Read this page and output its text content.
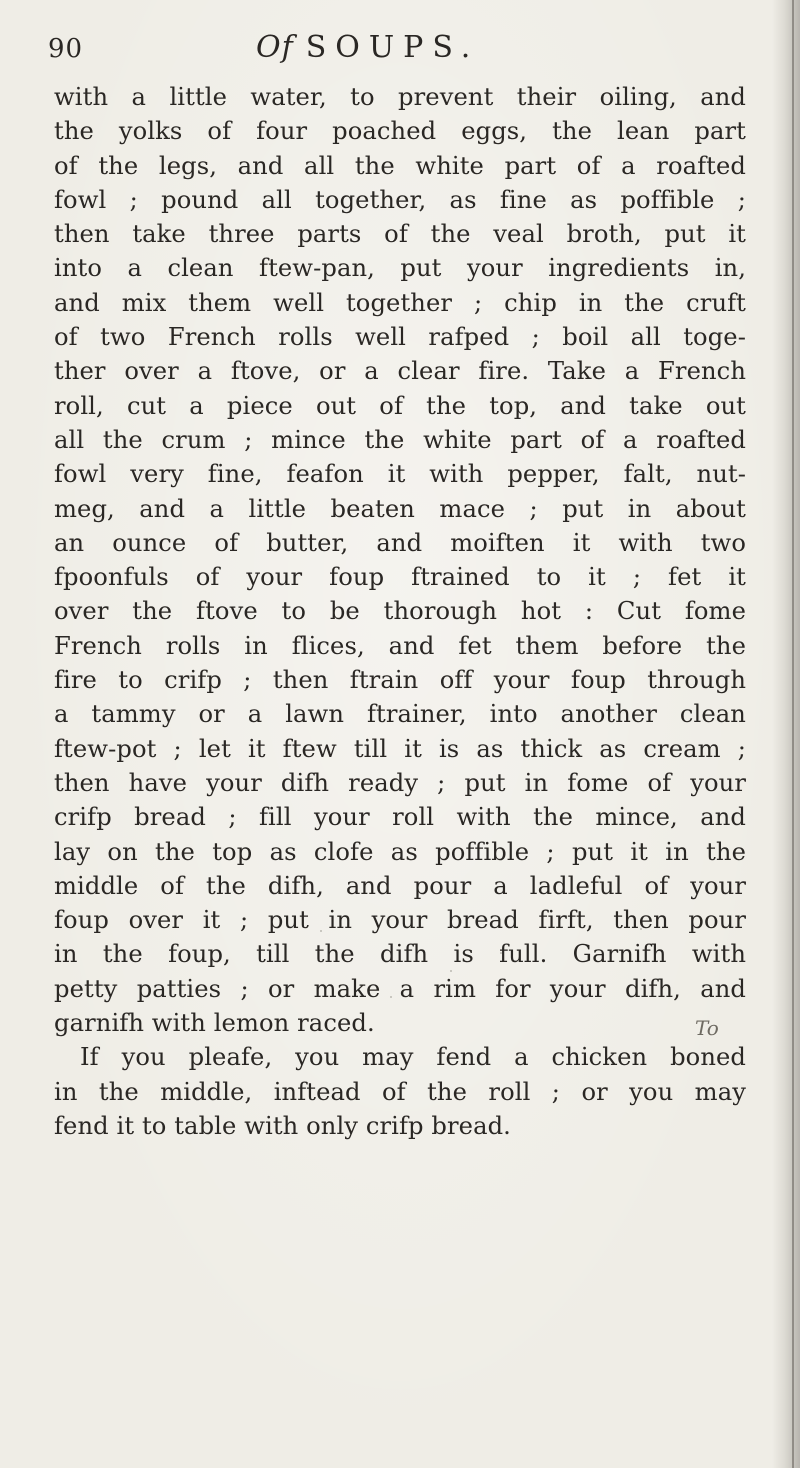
90	Of SOUPS.
with a little water, to prevent their oiling, and
the yolks of four poached eggs, the lean part
of the legs, and all the white part of a roafted
fowl ; pound all together, as fine as poffible ;
then take three parts of the veal broth, put it
into a clean ftew-pan, put your ingredients in,
and mix them well together ; chip in the cruft
of two French rolls well rafped ; boil all toge-
ther over a ftove, or a clear fire. Take a French
roll, cut a piece out of the top, and take out
all the crum ; mince the white part of a roafted
fowl very fine, feafon it with pepper, falt, nut-
meg, and a little beaten mace ; put in about
an ounce of butter, and moiften it with two
fpoonfuls of your foup ftrained to it ; fet it
over the ftove to be thorough hot : Cut fome
French rolls in flices, and fet them before the
fire to crifp ; then ftrain off your foup through
a tammy or a lawn ftrainer, into another clean
ftew-pot ; let it ftew till it is as thick as cream ;
then have your difh ready ; put in fome of your
crifp bread ; fill your roll with the mince, and
lay on the top as clofe as poffible ; put it in the
middle of the difh, and pour a ladleful of your
foup over it ; put in your bread firft, then pour
in the foup, till the difh is full. Garnifh with
petty patties ; or make a rim for your difh, and
garnifh with lemon raced.
If you pleafe, you may fend a chicken boned
in the middle, inftead of the roll ; or you may
fend it to table with only crifp bread.
To
